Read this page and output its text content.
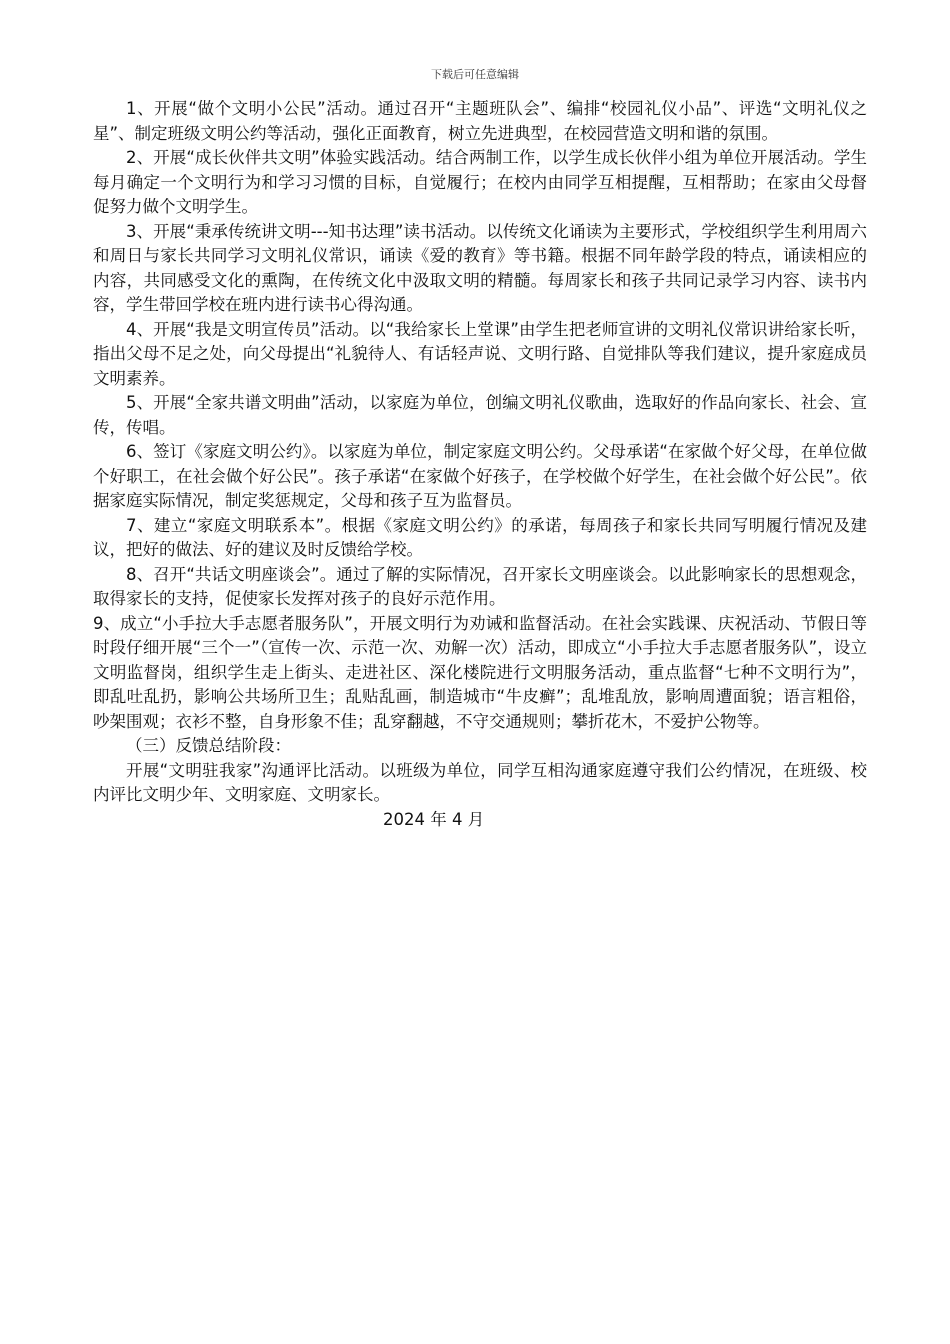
下载后可任意编辑

1、开展“做个文明小公民”活动。通过召开“主题班队会”、编排“校园礼仪小品”、评选“文明礼仪之星”、制定班级文明公约等活动，强化正面教育，树立先进典型，在校园营造文明和谐的氛围。

2、开展“成长伙伴共文明”体验实践活动。结合两制工作，以学生成长伙伴小组为单位开展活动。学生每月确定一个文明行为和学习习惯的目标，自觉履行；在校内由同学互相提醒，互相帮助；在家由父母督促努力做个文明学生。

3、开展“秉承传统讲文明---知书达理”读书活动。以传统文化诵读为主要形式，学校组织学生利用周六和周日与家长共同学习文明礼仪常识，诵读《爱的教育》等书籍。根据不同年龄学段的特点，诵读相应的内容，共同感受文化的熏陶，在传统文化中汲取文明的精髓。每周家长和孩子共同记录学习内容、读书内容，学生带回学校在班内进行读书心得沟通。

4、开展“我是文明宣传员”活动。以“我给家长上堂课”由学生把老师宣讲的文明礼仪常识讲给家长听，指出父母不足之处，向父母提出“礼貌待人、有话轻声说、文明行路、自觉排队等我们建议，提升家庭成员文明素养。

5、开展“全家共谱文明曲”活动，以家庭为单位，创编文明礼仪歌曲，选取好的作品向家长、社会、宣传，传唱。

6、签订《家庭文明公约》。以家庭为单位，制定家庭文明公约。父母承诺“在家做个好父母，在单位做个好职工，在社会做个好公民”。孩子承诺“在家做个好孩子，在学校做个好学生，在社会做个好公民”。依据家庭实际情况，制定奖惩规定，父母和孩子互为监督员。

7、建立“家庭文明联系本”。根据《家庭文明公约》的承诺，每周孩子和家长共同写明履行情况及建议，把好的做法、好的建议及时反馈给学校。

8、召开“共话文明座谈会”。通过了解的实际情况，召开家长文明座谈会。以此影响家长的思想观念，取得家长的支持，促使家长发挥对孩子的良好示范作用。

9、成立“小手拉大手志愿者服务队”，开展文明行为劝诫和监督活动。在社会实践课、庆祝活动、节假日等时段仔细开展“三个一”（宣传一次、示范一次、劝解一次）活动，即成立“小手拉大手志愿者服务队”，设立文明监督岗，组织学生走上街头、走进社区、深化楼院进行文明服务活动，重点监督“七种不文明行为”，即乱吐乱扔，影响公共场所卫生；乱贴乱画，制造城市“牛皮癣”；乱堆乱放，影响周遭面貌；语言粗俗，吵架围观；衣衫不整，自身形象不佳；乱穿翻越，不守交通规则；攀折花木，不爱护公物等。

（三）反馈总结阶段：

开展“文明驻我家”沟通评比活动。以班级为单位，同学互相沟通家庭遵守我们公约情况，在班级、校内评比文明少年、文明家庭、文明家长。

2024 年 4 月
